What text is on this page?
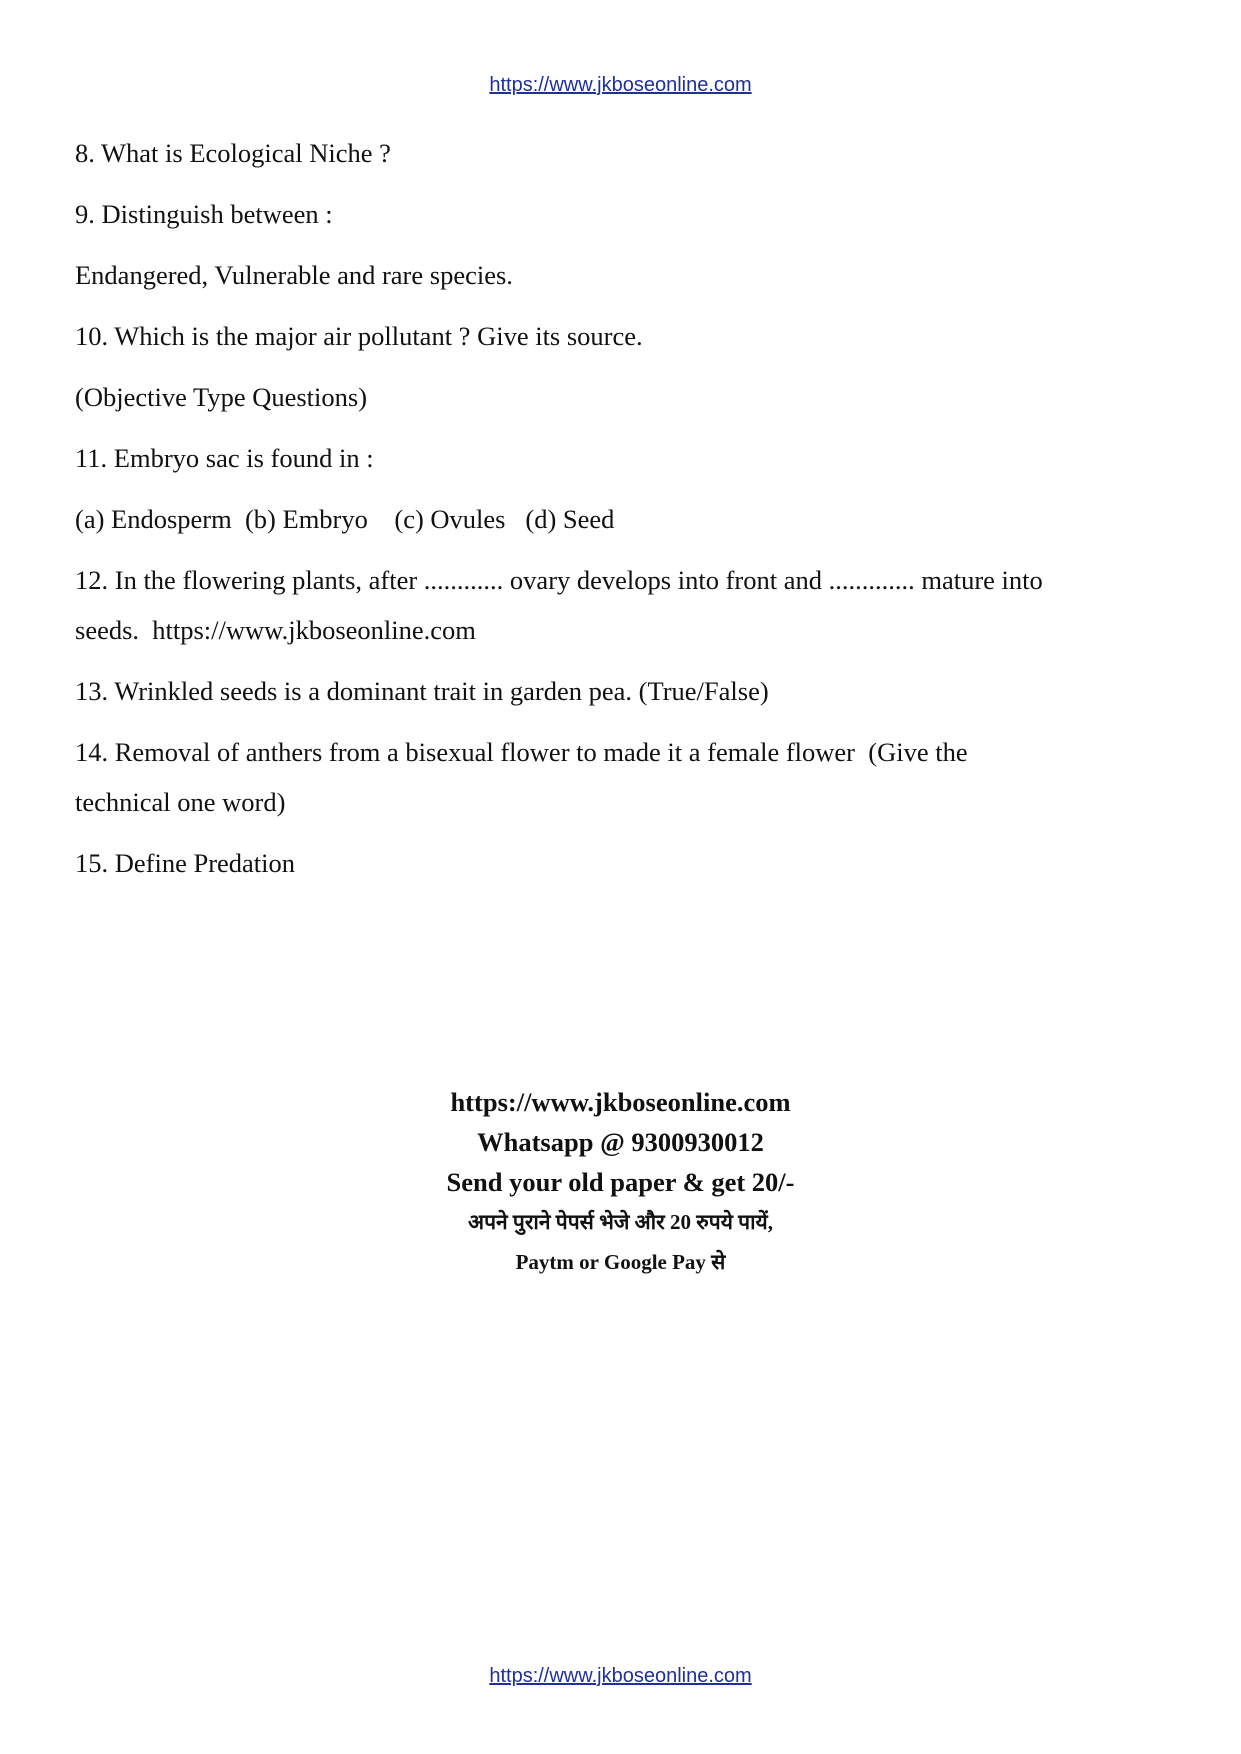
https://www.jkboseonline.com
8. What is Ecological Niche ?
9. Distinguish between :
Endangered, Vulnerable and rare species.
10. Which is the major air pollutant ? Give its source.
(Objective Type Questions)
11. Embryo sac is found in :
(a) Endosperm  (b) Embryo    (c) Ovules   (d) Seed
12. In the flowering plants, after ............ ovary develops into front and ............. mature into
seeds.  https://www.jkboseonline.com
13. Wrinkled seeds is a dominant trait in garden pea. (True/False)
14. Removal of anthers from a bisexual flower to made it a female flower  (Give the
technical one word)
15. Define Predation
https://www.jkboseonline.com
Whatsapp @ 9300930012
Send your old paper & get 20/-
अपने पुराने पेपर्स भेजे और 20 रुपये पायें,
Paytm or Google Pay से
https://www.jkboseonline.com
